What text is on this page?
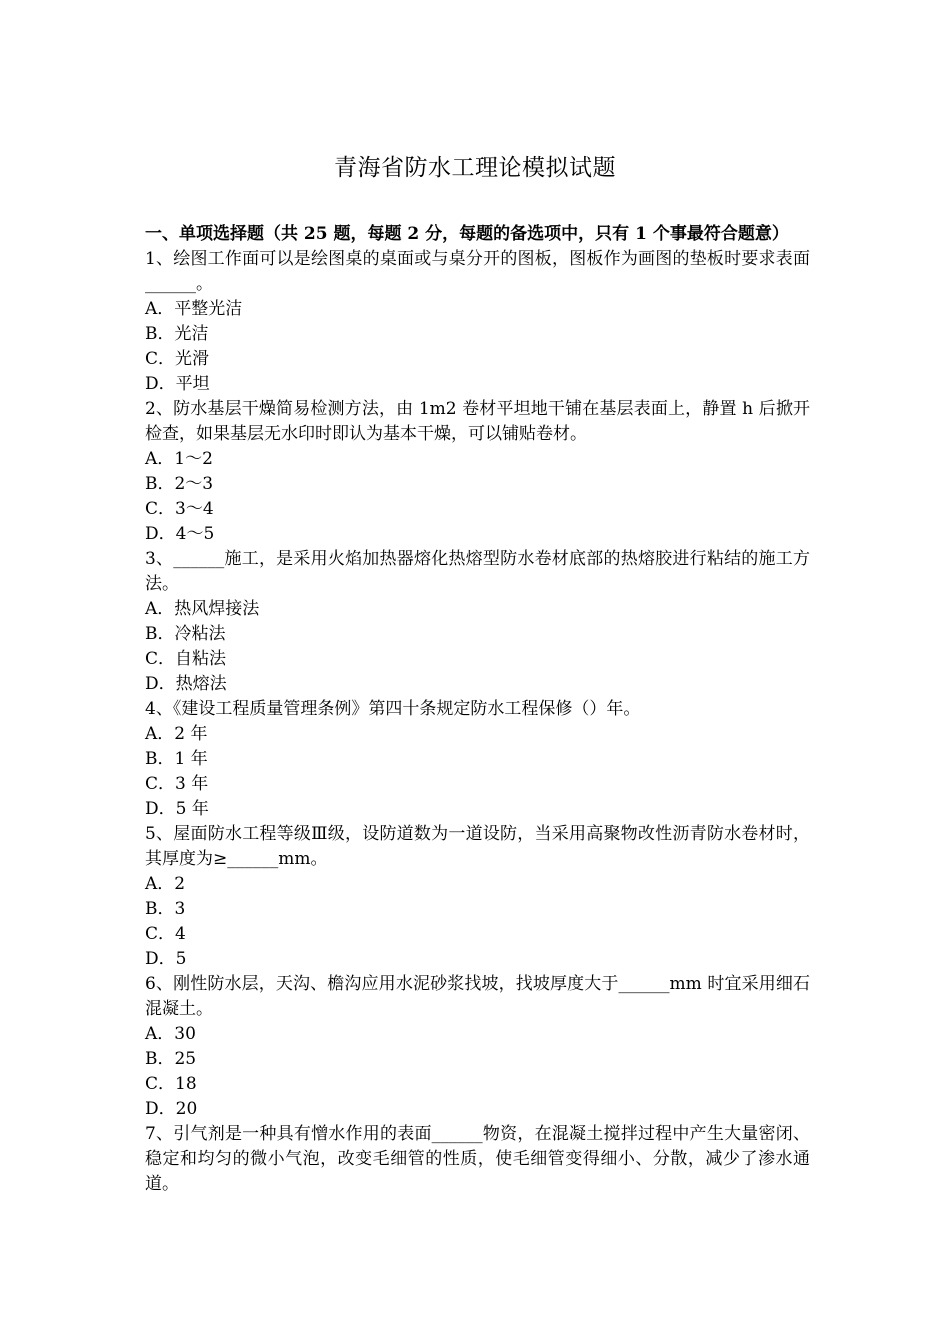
青海省防水工理论模拟试题
一、单项选择题（共 25 题，每题 2 分，每题的备选项中，只有 1 个事最符合题意）
1、绘图工作面可以是绘图桌的桌面或与桌分开的图板，图板作为画图的垫板时要求表面______。
A．平整光洁
B．光洁
C．光滑
D．平坦
2、防水基层干燥简易检测方法，由 1m2 卷材平坦地干铺在基层表面上，静置 h 后掀开检查，如果基层无水印时即认为基本干燥，可以铺贴卷材。
A．1～2
B．2～3
C．3～4
D．4～5
3、______施工，是采用火焰加热器熔化热熔型防水卷材底部的热熔胶进行粘结的施工方法。
A．热风焊接法
B．冷粘法
C．自粘法
D．热熔法
4、《建设工程质量管理条例》第四十条规定防水工程保修（）年。
A．2 年
B．1 年
C．3 年
D．5 年
5、屋面防水工程等级Ⅲ级，设防道数为一道设防，当采用高聚物改性沥青防水卷材时，其厚度为≥______mm。
A．2
B．3
C．4
D．5
6、刚性防水层，天沟、檐沟应用水泥砂浆找坡，找坡厚度大于______mm 时宜采用细石混凝土。
A．30
B．25
C．18
D．20
7、引气剂是一种具有憎水作用的表面______物资，在混凝土搅拌过程中产生大量密闭、稳定和均匀的微小气泡，改变毛细管的性质，使毛细管变得细小、分散，减少了渗水通道。
